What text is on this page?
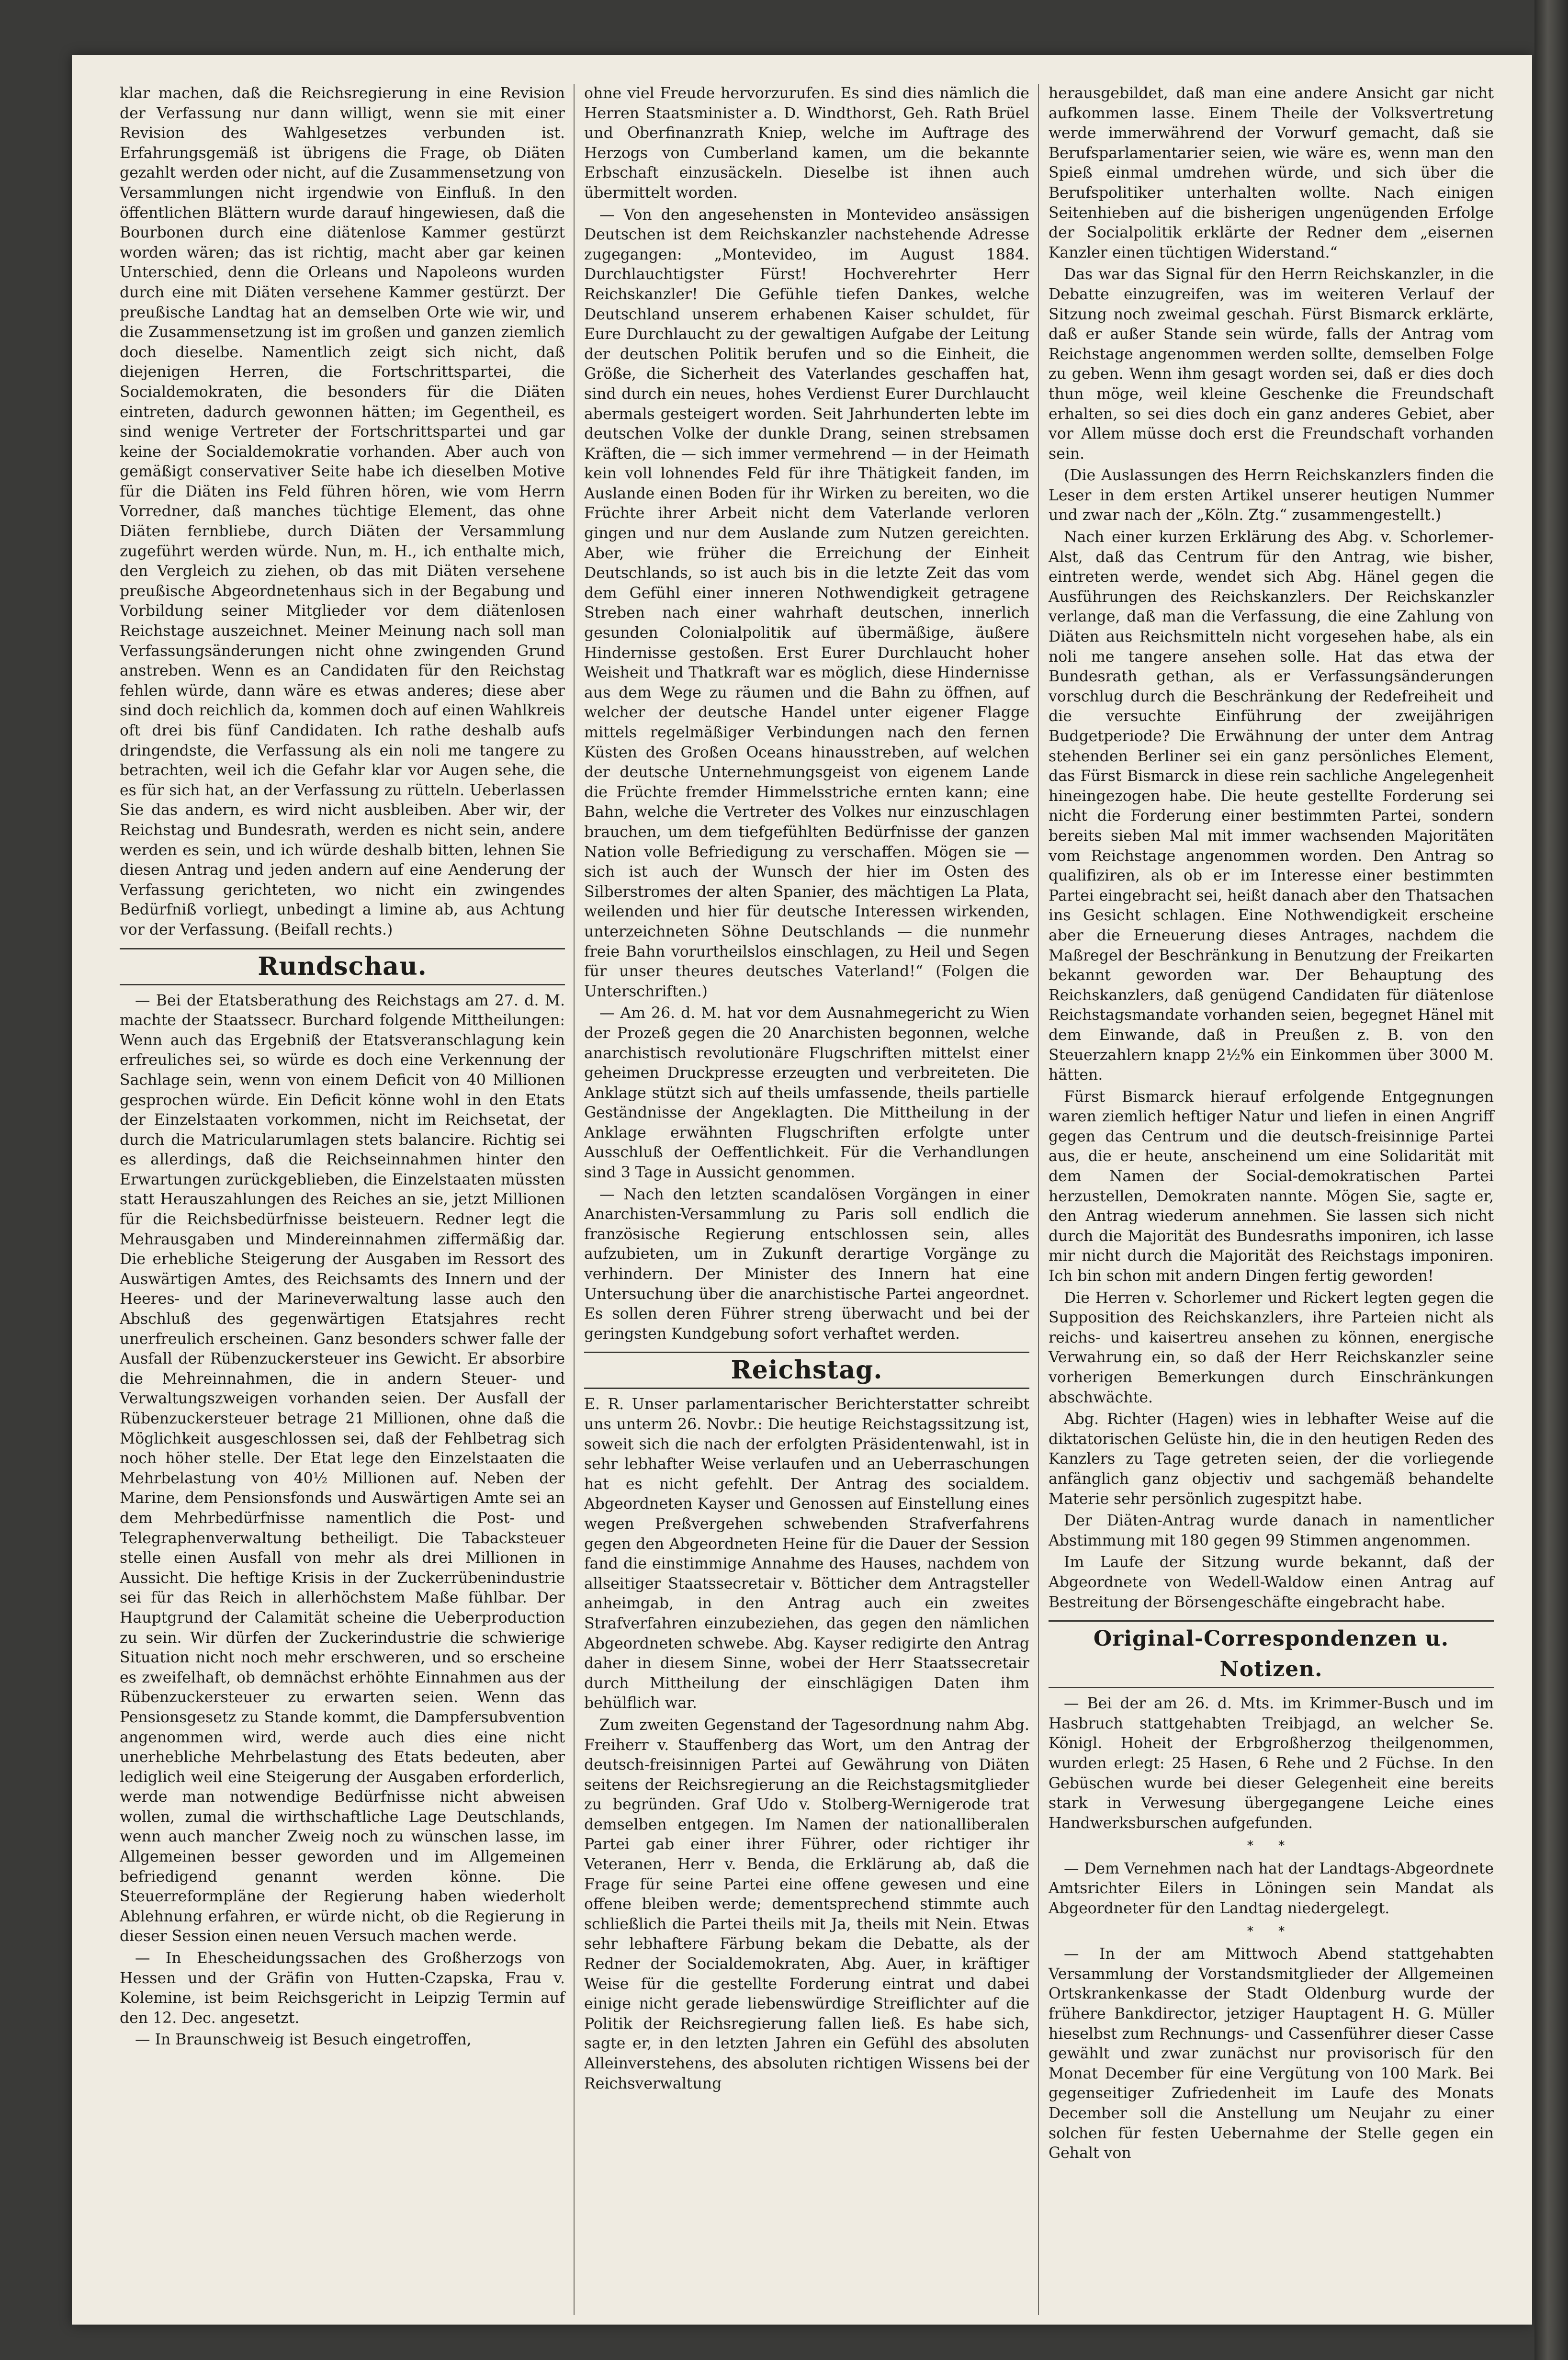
klar machen, daß die Reichsregierung in eine Revision der Verfassung nur dann willigt, wenn sie mit einer Revision des Wahlgesetzes verbunden ist. Erfahrungsgemäß ist übrigens die Frage, ob Diäten gezahlt werden oder nicht, auf die Zusammensetzung von Versammlungen nicht irgendwie von Einfluß. In den öffentlichen Blättern wurde darauf hingewiesen, daß die Bourbonen durch eine diätenlose Kammer gestürzt worden wären; das ist richtig, macht aber gar keinen Unterschied, denn die Orleans und Napoleons wurden durch eine mit Diäten versehene Kammer gestürzt. Der preußische Landtag hat an demselben Orte wie wir, und die Zusammensetzung ist im großen und ganzen ziemlich doch dieselbe. Namentlich zeigt sich nicht, daß diejenigen Herren, die Fortschrittspartei, die Socialdemokraten, die besonders für die Diäten eintreten, dadurch gewonnen hätten; im Gegentheil, es sind wenige Vertreter der Fortschrittspartei und gar keine der Socialdemokratie vorhanden. Aber auch von gemäßigt conservativer Seite habe ich dieselben Motive für die Diäten ins Feld führen hören, wie vom Herrn Vorredner, daß manches tüchtige Element, das ohne Diäten fernbliebe, durch Diäten der Versammlung zugeführt werden würde. Nun, m. H., ich enthalte mich, den Vergleich zu ziehen, ob das mit Diäten versehene preußische Abgeordnetenhaus sich in der Begabung und Vorbildung seiner Mitglieder vor dem diätenlosen Reichstage auszeichnet. Meiner Meinung nach soll man Verfassungsänderungen nicht ohne zwingenden Grund anstreben. Wenn es an Candidaten für den Reichstag fehlen würde, dann wäre es etwas anderes; diese aber sind doch reichlich da, kommen doch auf einen Wahlkreis oft drei bis fünf Candidaten. Ich rathe deshalb aufs dringendste, die Verfassung als ein noli me tangere zu betrachten, weil ich die Gefahr klar vor Augen sehe, die es für sich hat, an der Verfassung zu rütteln. Ueberlassen Sie das andern, es wird nicht ausbleiben. Aber wir, der Reichstag und Bundesrath, werden es nicht sein, andere werden es sein, und ich würde deshalb bitten, lehnen Sie diesen Antrag und jeden andern auf eine Aenderung der Verfassung gerichteten, wo nicht ein zwingendes Bedürfniß vorliegt, unbedingt a limine ab, aus Achtung vor der Verfassung. (Beifall rechts.)

Rundschau.

— Bei der Etatsberathung des Reichstags am 27. d. M. machte der Staatssecr. Burchard folgende Mittheilungen: Wenn auch das Ergebniß der Etatsveranschlagung kein erfreuliches sei, so würde es doch eine Verkennung der Sachlage sein, wenn von einem Deficit von 40 Millionen gesprochen würde. Ein Deficit könne wohl in den Etats der Einzelstaaten vorkommen, nicht im Reichsetat, der durch die Matricularumlagen stets balancire. Richtig sei es allerdings, daß die Reichseinnahmen hinter den Erwartungen zurückgeblieben, die Einzelstaaten müssten statt Herauszahlungen des Reiches an sie, jetzt Millionen für die Reichsbedürfnisse beisteuern. Redner legt die Mehrausgaben und Mindereinnahmen ziffermäßig dar. Die erhebliche Steigerung der Ausgaben im Ressort des Auswärtigen Amtes, des Reichsamts des Innern und der Heeres- und der Marineverwaltung lasse auch den Abschluß des gegenwärtigen Etatsjahres recht unerfreulich erscheinen. Ganz besonders schwer falle der Ausfall der Rübenzuckersteuer ins Gewicht. Er absorbire die Mehreinnahmen, die in andern Steuer- und Verwaltungszweigen vorhanden seien. Der Ausfall der Rübenzuckersteuer betrage 21 Millionen, ohne daß die Möglichkeit ausgeschlossen sei, daß der Fehlbetrag sich noch höher stelle. Der Etat lege den Einzelstaaten die Mehrbelastung von 40½ Millionen auf. Neben der Marine, dem Pensionsfonds und Auswärtigen Amte sei an dem Mehrbedürfnisse namentlich die Post- und Telegraphenverwaltung betheiligt. Die Tabacksteuer stelle einen Ausfall von mehr als drei Millionen in Aussicht. Die heftige Krisis in der Zuckerrübenindustrie sei für das Reich in allerhöchstem Maße fühlbar. Der Hauptgrund der Calamität scheine die Ueberproduction zu sein. Wir dürfen der Zuckerindustrie die schwierige Situation nicht noch mehr erschweren, und so erscheine es zweifelhaft, ob demnächst erhöhte Einnahmen aus der Rübenzuckersteuer zu erwarten seien. Wenn das Pensionsgesetz zu Stande kommt, die Dampfersubvention angenommen wird, werde auch dies eine nicht unerhebliche Mehrbelastung des Etats bedeuten, aber lediglich weil eine Steigerung der Ausgaben erforderlich, werde man notwendige Bedürfnisse nicht abweisen wollen, zumal die wirthschaftliche Lage Deutschlands, wenn auch mancher Zweig noch zu wünschen lasse, im Allgemeinen besser geworden und im Allgemeinen befriedigend genannt werden könne. Die Steuerreformpläne der Regierung haben wiederholt Ablehnung erfahren, er würde nicht, ob die Regierung in dieser Session einen neuen Versuch machen werde.

— In Ehescheidungssachen des Großherzogs von Hessen und der Gräfin von Hutten-Czapska, Frau v. Kolemine, ist beim Reichsgericht in Leipzig Termin auf den 12. Dec. angesetzt.

— In Braunschweig ist Besuch eingetroffen,

ohne viel Freude hervorzurufen. Es sind dies nämlich die Herren Staatsminister a. D. Windthorst, Geh. Rath Brüel und Oberfinanzrath Kniep, welche im Auftrage des Herzogs von Cumberland kamen, um die bekannte Erbschaft einzusäckeln. Dieselbe ist ihnen auch übermittelt worden.

— Von den angesehensten in Montevideo ansässigen Deutschen ist dem Reichskanzler nachstehende Adresse zugegangen: „Montevideo, im August 1884. Durchlauchtigster Fürst! Hochverehrter Herr Reichskanzler! Die Gefühle tiefen Dankes, welche Deutschland unserem erhabenen Kaiser schuldet, für Eure Durchlaucht zu der gewaltigen Aufgabe der Leitung der deutschen Politik berufen und so die Einheit, die Größe, die Sicherheit des Vaterlandes geschaffen hat, sind durch ein neues, hohes Verdienst Eurer Durchlaucht abermals gesteigert worden. Seit Jahrhunderten lebte im deutschen Volke der dunkle Drang, seinen strebsamen Kräften, die — sich immer vermehrend — in der Heimath kein voll lohnendes Feld für ihre Thätigkeit fanden, im Auslande einen Boden für ihr Wirken zu bereiten, wo die Früchte ihrer Arbeit nicht dem Vaterlande verloren gingen und nur dem Auslande zum Nutzen gereichten. Aber, wie früher die Erreichung der Einheit Deutschlands, so ist auch bis in die letzte Zeit das vom dem Gefühl einer inneren Nothwendigkeit getragene Streben nach einer wahrhaft deutschen, innerlich gesunden Colonialpolitik auf übermäßige, äußere Hindernisse gestoßen. Erst Eurer Durchlaucht hoher Weisheit und Thatkraft war es möglich, diese Hindernisse aus dem Wege zu räumen und die Bahn zu öffnen, auf welcher der deutsche Handel unter eigener Flagge mittels regelmäßiger Verbindungen nach den fernen Küsten des Großen Oceans hinausstreben, auf welchen der deutsche Unternehmungsgeist von eigenem Lande die Früchte fremder Himmelsstriche ernten kann; eine Bahn, welche die Vertreter des Volkes nur einzuschlagen brauchen, um dem tiefgefühlten Bedürfnisse der ganzen Nation volle Befriedigung zu verschaffen. Mögen sie — sich ist auch der Wunsch der hier im Osten des Silberstromes der alten Spanier, des mächtigen La Plata, weilenden und hier für deutsche Interessen wirkenden, unterzeichneten Söhne Deutschlands — die nunmehr freie Bahn vorurtheilslos einschlagen, zu Heil und Segen für unser theures deutsches Vaterland!“ (Folgen die Unterschriften.)

— Am 26. d. M. hat vor dem Ausnahmegericht zu Wien der Prozeß gegen die 20 Anarchisten begonnen, welche anarchistisch revolutionäre Flugschriften mittelst einer geheimen Druckpresse erzeugten und verbreiteten. Die Anklage stützt sich auf theils umfassende, theils partielle Geständnisse der Angeklagten. Die Mittheilung in der Anklage erwähnten Flugschriften erfolgte unter Ausschluß der Oeffentlichkeit. Für die Verhandlungen sind 3 Tage in Aussicht genommen.

— Nach den letzten scandalösen Vorgängen in einer Anarchisten-Versammlung zu Paris soll endlich die französische Regierung entschlossen sein, alles aufzubieten, um in Zukunft derartige Vorgänge zu verhindern. Der Minister des Innern hat eine Untersuchung über die anarchistische Partei angeordnet. Es sollen deren Führer streng überwacht und bei der geringsten Kundgebung sofort verhaftet werden.

Reichstag.

E. R. Unser parlamentarischer Berichterstatter schreibt uns unterm 26. Novbr.: Die heutige Reichstagssitzung ist, soweit sich die nach der erfolgten Präsidentenwahl, ist in sehr lebhafter Weise verlaufen und an Ueberraschungen hat es nicht gefehlt. Der Antrag des socialdem. Abgeordneten Kayser und Genossen auf Einstellung eines wegen Preßvergehen schwebenden Strafverfahrens gegen den Abgeordneten Heine für die Dauer der Session fand die einstimmige Annahme des Hauses, nachdem von allseitiger Staatssecretair v. Bötticher dem Antragsteller anheimgab, in den Antrag auch ein zweites Strafverfahren einzubeziehen, das gegen den nämlichen Abgeordneten schwebe. Abg. Kayser redigirte den Antrag daher in diesem Sinne, wobei der Herr Staatssecretair durch Mittheilung der einschlägigen Daten ihm behülflich war.

Zum zweiten Gegenstand der Tagesordnung nahm Abg. Freiherr v. Stauffenberg das Wort, um den Antrag der deutsch-freisinnigen Partei auf Gewährung von Diäten seitens der Reichsregierung an die Reichstagsmitglieder zu begründen. Graf Udo v. Stolberg-Wernigerode trat demselben entgegen. Im Namen der nationalliberalen Partei gab einer ihrer Führer, oder richtiger ihr Veteranen, Herr v. Benda, die Erklärung ab, daß die Frage für seine Partei eine offene gewesen und eine offene bleiben werde; dementsprechend stimmte auch schließlich die Partei theils mit Ja, theils mit Nein. Etwas sehr lebhaftere Färbung bekam die Debatte, als der Redner der Socialdemokraten, Abg. Auer, in kräftiger Weise für die gestellte Forderung eintrat und dabei einige nicht gerade liebenswürdige Streiflichter auf die Politik der Reichsregierung fallen ließ. Es habe sich, sagte er, in den letzten Jahren ein Gefühl des absoluten Alleinverstehens, des absoluten richtigen Wissens bei der Reichsverwaltung

herausgebildet, daß man eine andere Ansicht gar nicht aufkommen lasse. Einem Theile der Volksvertretung werde immerwährend der Vorwurf gemacht, daß sie Berufsparlamentarier seien, wie wäre es, wenn man den Spieß einmal umdrehen würde, und sich über die Berufspolitiker unterhalten wollte. Nach einigen Seitenhieben auf die bisherigen ungenügenden Erfolge der Socialpolitik erklärte der Redner dem „eisernen Kanzler einen tüchtigen Widerstand.“

Das war das Signal für den Herrn Reichskanzler, in die Debatte einzugreifen, was im weiteren Verlauf der Sitzung noch zweimal geschah. Fürst Bismarck erklärte, daß er außer Stande sein würde, falls der Antrag vom Reichstage angenommen werden sollte, demselben Folge zu geben. Wenn ihm gesagt worden sei, daß er dies doch thun möge, weil kleine Geschenke die Freundschaft erhalten, so sei dies doch ein ganz anderes Gebiet, aber vor Allem müsse doch erst die Freundschaft vorhanden sein.

(Die Auslassungen des Herrn Reichskanzlers finden die Leser in dem ersten Artikel unserer heutigen Nummer und zwar nach der „Köln. Ztg.“ zusammengestellt.)

Nach einer kurzen Erklärung des Abg. v. Schorlemer-Alst, daß das Centrum für den Antrag, wie bisher, eintreten werde, wendet sich Abg. Hänel gegen die Ausführungen des Reichskanzlers. Der Reichskanzler verlange, daß man die Verfassung, die eine Zahlung von Diäten aus Reichsmitteln nicht vorgesehen habe, als ein noli me tangere ansehen solle. Hat das etwa der Bundesrath gethan, als er Verfassungsänderungen vorschlug durch die Beschränkung der Redefreiheit und die versuchte Einführung der zweijährigen Budgetperiode? Die Erwähnung der unter dem Antrag stehenden Berliner sei ein ganz persönliches Element, das Fürst Bismarck in diese rein sachliche Angelegenheit hineingezogen habe. Die heute gestellte Forderung sei nicht die Forderung einer bestimmten Partei, sondern bereits sieben Mal mit immer wachsenden Majoritäten vom Reichstage angenommen worden. Den Antrag so qualifiziren, als ob er im Interesse einer bestimmten Partei eingebracht sei, heißt danach aber den Thatsachen ins Gesicht schlagen. Eine Nothwendigkeit erscheine aber die Erneuerung dieses Antrages, nachdem die Maßregel der Beschränkung in Benutzung der Freikarten bekannt geworden war. Der Behauptung des Reichskanzlers, daß genügend Candidaten für diätenlose Reichstagsmandate vorhanden seien, begegnet Hänel mit dem Einwande, daß in Preußen z. B. von den Steuerzahlern knapp 2½% ein Einkommen über 3000 M. hätten.

Fürst Bismarck hierauf erfolgende Entgegnungen waren ziemlich heftiger Natur und liefen in einen Angriff gegen das Centrum und die deutsch-freisinnige Partei aus, die er heute, anscheinend um eine Solidarität mit dem Namen der Social-demokratischen Partei herzustellen, Demokraten nannte. Mögen Sie, sagte er, den Antrag wiederum annehmen. Sie lassen sich nicht durch die Majorität des Bundesraths imponiren, ich lasse mir nicht durch die Majorität des Reichstags imponiren. Ich bin schon mit andern Dingen fertig geworden!

Die Herren v. Schorlemer und Rickert legten gegen die Supposition des Reichskanzlers, ihre Parteien nicht als reichs- und kaisertreu ansehen zu können, energische Verwahrung ein, so daß der Herr Reichskanzler seine vorherigen Bemerkungen durch Einschränkungen abschwächte.

Abg. Richter (Hagen) wies in lebhafter Weise auf die diktatorischen Gelüste hin, die in den heutigen Reden des Kanzlers zu Tage getreten seien, der die vorliegende anfänglich ganz objectiv und sachgemäß behandelte Materie sehr persönlich zugespitzt habe.

Der Diäten-Antrag wurde danach in namentlicher Abstimmung mit 180 gegen 99 Stimmen angenommen.

Im Laufe der Sitzung wurde bekannt, daß der Abgeordnete von Wedell-Waldow einen Antrag auf Bestreitung der Börsengeschäfte eingebracht habe.

Original-Correspondenzen u. Notizen.

— Bei der am 26. d. Mts. im Krimmer-Busch und im Hasbruch stattgehabten Treibjagd, an welcher Se. Königl. Hoheit der Erbgroßherzog theilgenommen, wurden erlegt: 25 Hasen, 6 Rehe und 2 Füchse. In den Gebüschen wurde bei dieser Gelegenheit eine bereits stark in Verwesung übergegangene Leiche eines Handwerksburschen aufgefunden.

* *

— Dem Vernehmen nach hat der Landtags-Abgeordnete Amtsrichter Eilers in Löningen sein Mandat als Abgeordneter für den Landtag niedergelegt.

* *

— In der am Mittwoch Abend stattgehabten Versammlung der Vorstandsmitglieder der Allgemeinen Ortskrankenkasse der Stadt Oldenburg wurde der frühere Bankdirector, jetziger Hauptagent H. G. Müller hieselbst zum Rechnungs- und Cassenführer dieser Casse gewählt und zwar zunächst nur provisorisch für den Monat December für eine Vergütung von 100 Mark. Bei gegenseitiger Zufriedenheit im Laufe des Monats December soll die Anstellung um Neujahr zu einer solchen für festen Uebernahme der Stelle gegen ein Gehalt von
